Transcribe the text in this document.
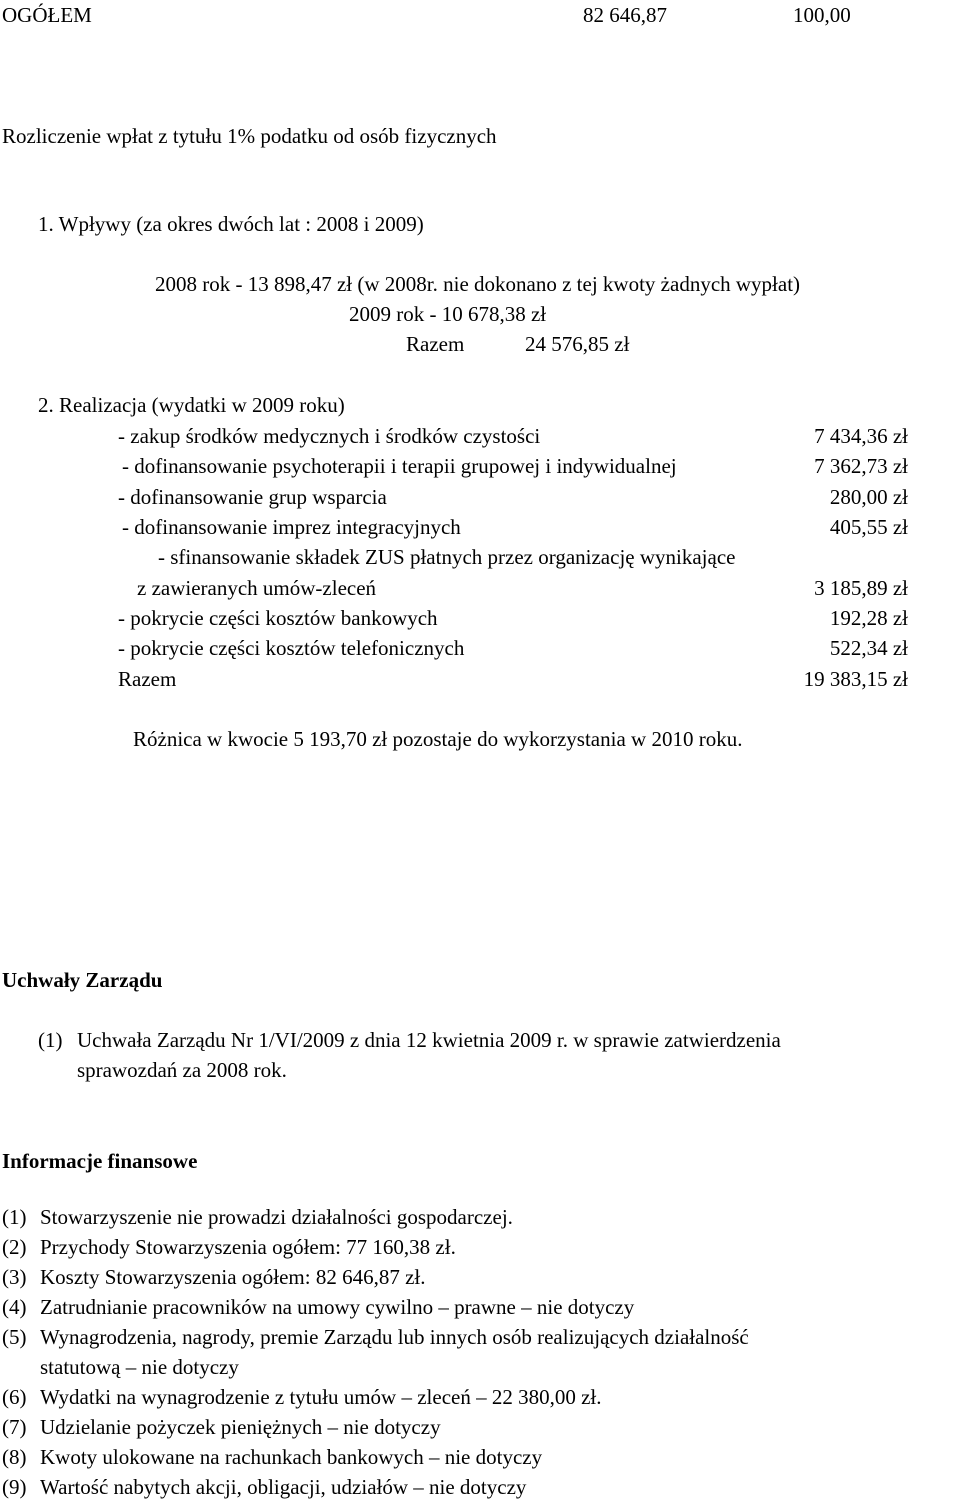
OGÓŁEM	82 646,87	100,00
Rozliczenie wpłat z tytułu 1% podatku od osób fizycznych
1. Wpływy (za okres dwóch lat : 2008 i 2009)
2008 rok - 13 898,47 zł (w 2008r. nie dokonano z tej kwoty żadnych wypłat)
2009 rok - 10 678,38 zł
Razem	24 576,85 zł
2. Realizacja (wydatki w 2009 roku)
- zakup środków medycznych i środków czystości	7 434,36 zł
- dofinansowanie psychoterapii i terapii grupowej i indywidualnej	7 362,73 zł
- dofinansowanie grup wsparcia	280,00 zł
- dofinansowanie imprez integracyjnych	405,55 zł
- sfinansowanie składek ZUS płatnych przez organizację wynikające
z zawieranych umów-zleceń	3 185,89 zł
- pokrycie części kosztów bankowych	192,28 zł
- pokrycie części kosztów telefonicznych	522,34 zł
Razem	19 383,15 zł
Różnica w kwocie 5 193,70 zł pozostaje do wykorzystania w 2010 roku.
Uchwały Zarządu
(1) Uchwała Zarządu Nr 1/VI/2009 z dnia 12 kwietnia 2009 r. w sprawie zatwierdzenia
sprawozdań za 2008 rok.
Informacje finansowe
(1) Stowarzyszenie nie prowadzi działalności gospodarczej.
(2) Przychody Stowarzyszenia ogółem: 77 160,38 zł.
(3) Koszty Stowarzyszenia ogółem: 82 646,87 zł.
(4) Zatrudnianie pracowników na umowy cywilno – prawne – nie dotyczy
(5) Wynagrodzenia, nagrody, premie Zarządu lub innych osób realizujących działalność
statutową – nie dotyczy
(6) Wydatki na wynagrodzenie z tytułu umów – zleceń – 22 380,00 zł.
(7) Udzielanie pożyczek pieniężnych – nie dotyczy
(8) Kwoty ulokowane na rachunkach bankowych – nie dotyczy
(9) Wartość nabytych akcji, obligacji, udziałów – nie dotyczy
